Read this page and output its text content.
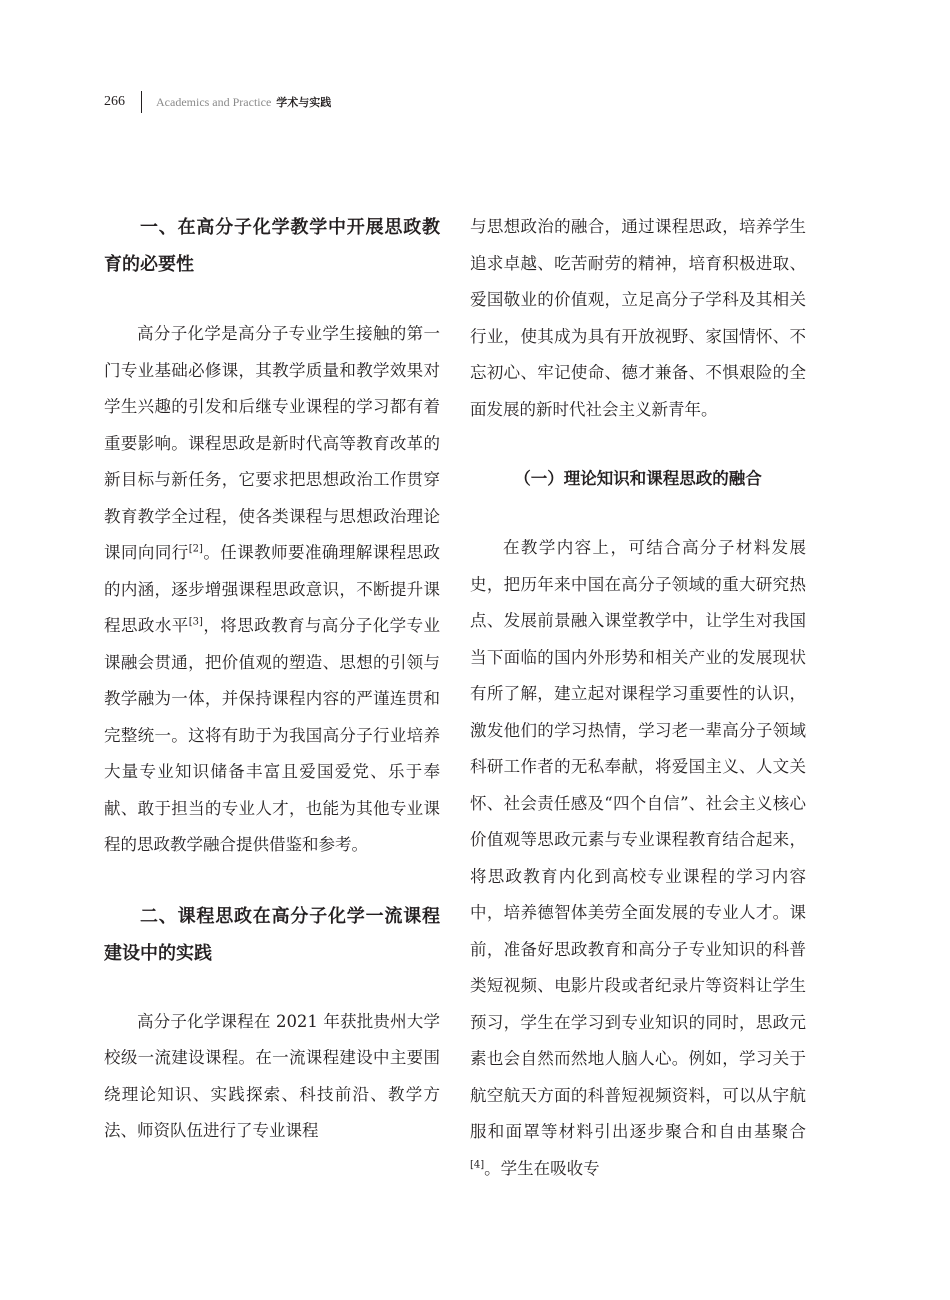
266	Academics and Practice 学术与实践
一、在高分子化学教学中开展思政教育的必要性

高分子化学是高分子专业学生接触的第一门专业基础必修课，其教学质量和教学效果对学生兴趣的引发和后继专业课程的学习都有着重要影响。课程思政是新时代高等教育改革的新目标与新任务，它要求把思想政治工作贯穿教育教学全过程，使各类课程与思想政治理论课同向同行[2]。任课教师要准确理解课程思政的内涵，逐步增强课程思政意识，不断提升课程思政水平[3]，将思政教育与高分子化学专业课融会贯通，把价值观的塑造、思想的引领与教学融为一体，并保持课程内容的严谨连贯和完整统一。这将有助于为我国高分子行业培养大量专业知识储备丰富且爱国爱党、乐于奉献、敢于担当的专业人才，也能为其他专业课程的思政教学融合提供借鉴和参考。

二、课程思政在高分子化学一流课程建设中的实践

高分子化学课程在 2021 年获批贵州大学校级一流建设课程。在一流课程建设中主要围绕理论知识、实践探索、科技前沿、教学方法、师资队伍进行了专业课程

与思想政治的融合，通过课程思政，培养学生追求卓越、吃苦耐劳的精神，培育积极进取、爱国敬业的价值观，立足高分子学科及其相关行业，使其成为具有开放视野、家国情怀、不忘初心、牢记使命、德才兼备、不惧艰险的全面发展的新时代社会主义新青年。

（一）理论知识和课程思政的融合

在教学内容上，可结合高分子材料发展史，把历年来中国在高分子领域的重大研究热点、发展前景融入课堂教学中，让学生对我国当下面临的国内外形势和相关产业的发展现状有所了解，建立起对课程学习重要性的认识，激发他们的学习热情，学习老一辈高分子领域科研工作者的无私奉献，将爱国主义、人文关怀、社会责任感及“四个自信”、社会主义核心价值观等思政元素与专业课程教育结合起来，将思政教育内化到高校专业课程的学习内容中，培养德智体美劳全面发展的专业人才。课前，准备好思政教育和高分子专业知识的科普类短视频、电影片段或者纪录片等资料让学生预习，学生在学习到专业知识的同时，思政元素也会自然而然地人脑人心。例如，学习关于航空航天方面的科普短视频资料，可以从宇航服和面罩等材料引出逐步聚合和自由基聚合[4]。学生在吸收专
